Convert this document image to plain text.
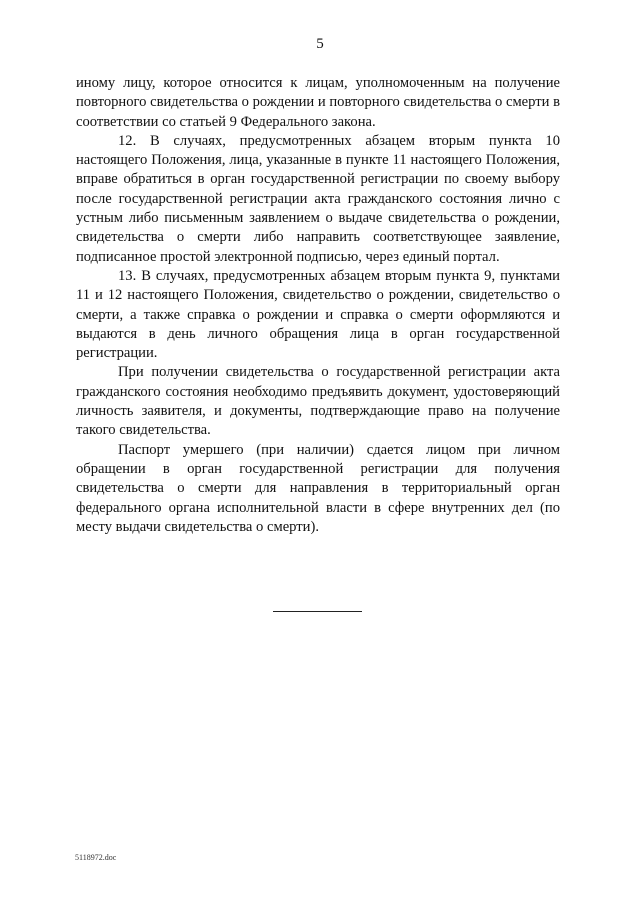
5

иному лицу, которое относится к лицам, уполномоченным на получение повторного свидетельства о рождении и повторного свидетельства о смерти в соответствии со статьей 9 Федерального закона.

12. В случаях, предусмотренных абзацем вторым пункта 10 настоящего Положения, лица, указанные в пункте 11 настоящего Положения, вправе обратиться в орган государственной регистрации по своему выбору после государственной регистрации акта гражданского состояния лично с устным либо письменным заявлением о выдаче свидетельства о рождении, свидетельства о смерти либо направить соответствующее заявление, подписанное простой электронной подписью, через единый портал.

13. В случаях, предусмотренных абзацем вторым пункта 9, пунктами 11 и 12 настоящего Положения, свидетельство о рождении, свидетельство о смерти, а также справка о рождении и справка о смерти оформляются и выдаются в день личного обращения лица в орган государственной регистрации.

При получении свидетельства о государственной регистрации акта гражданского состояния необходимо предъявить документ, удостоверяющий личность заявителя, и документы, подтверждающие право на получение такого свидетельства.

Паспорт умершего (при наличии) сдается лицом при личном обращении в орган государственной регистрации для получения свидетельства о смерти для направления в территориальный орган федерального органа исполнительной власти в сфере внутренних дел (по месту выдачи свидетельства о смерти).

5118972.doc
